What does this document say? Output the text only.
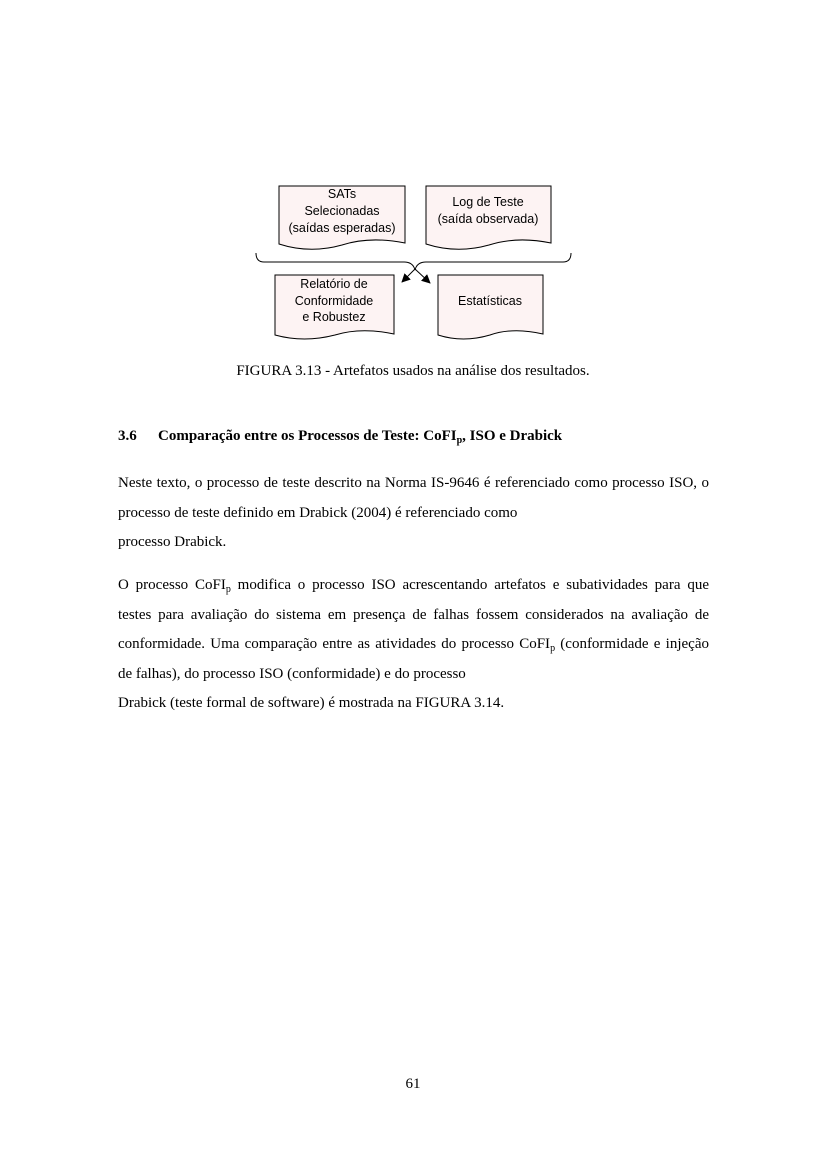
SATs
Selecionadas
(saídas esperadas)
Log de Teste
(saída observada)
Relatório de
Conformidade
e Robustez
Estatísticas

FIGURA 3.13 - Artefatos usados na análise dos resultados.

3.6 Comparação entre os Processos de Teste: CoFI$_p$, ISO e Drabick
Neste texto, o processo de teste descrito na Norma IS-9646 é referenciado como processo ISO, o processo de teste definido em Drabick (2004) é referenciado como
processo Drabick.
O processo CoFI$_p$ modifica o processo ISO acrescentando artefatos e subatividades para que testes para avaliação do sistema em presença de falhas fossem considerados na avaliação de conformidade. Uma comparação entre as atividades do processo CoFI$_p$ (conformidade e injeção de falhas), do processo ISO (conformidade) e do processo
Drabick (teste formal de software) é mostrada na FIGURA 3.14.

61
